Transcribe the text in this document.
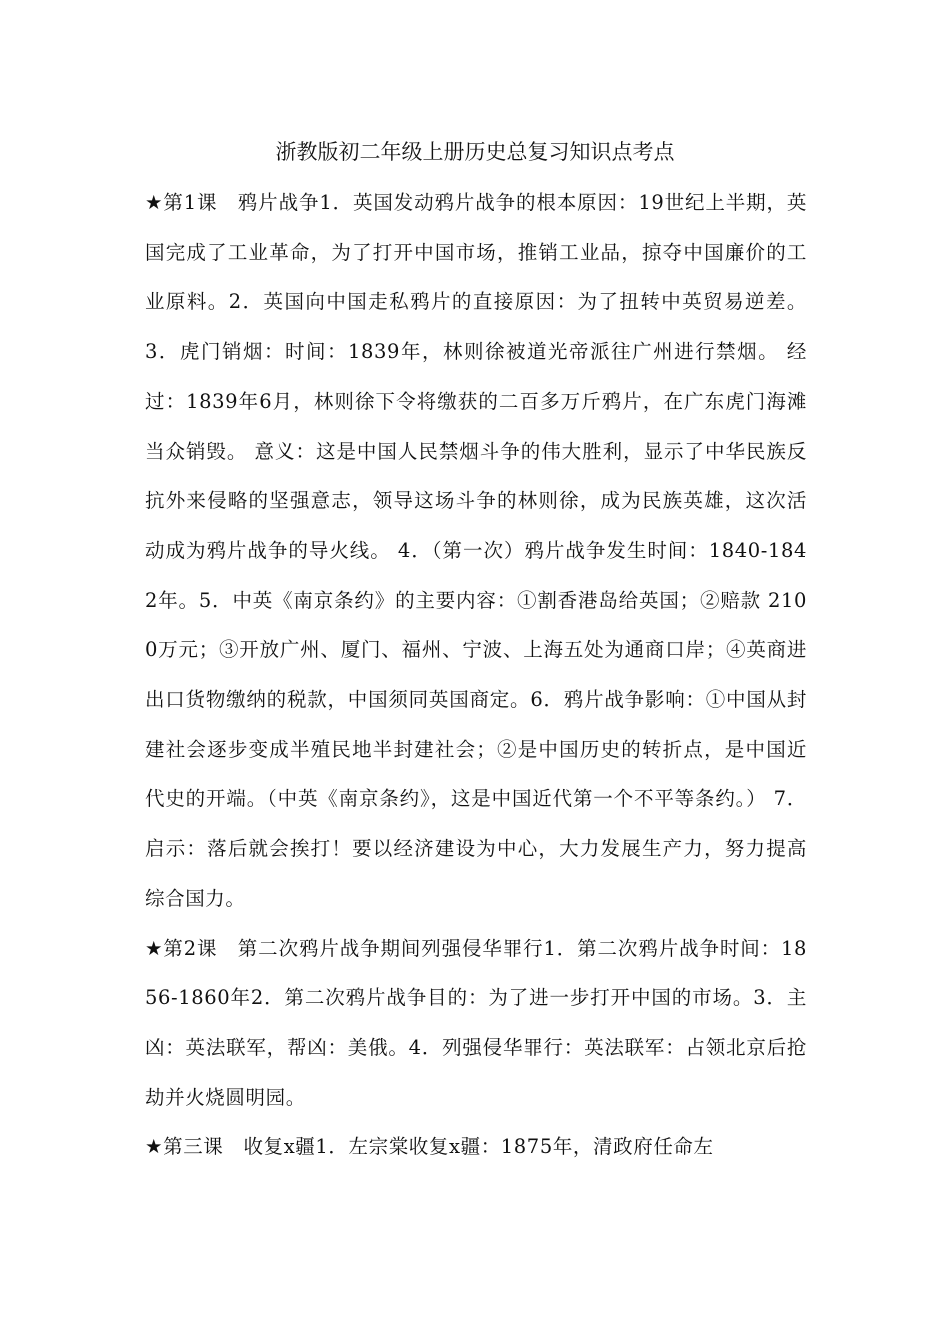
浙教版初二年级上册历史总复习知识点考点

★第1课　鸦片战争1．英国发动鸦片战争的根本原因：19世纪上半期，英国完成了工业革命，为了打开中国市场，推销工业品，掠夺中国廉价的工业原料。2．英国向中国走私鸦片的直接原因：为了扭转中英贸易逆差。 3．虎门销烟：时间：1839年，林则徐被道光帝派往广州进行禁烟。 经过：1839年6月，林则徐下令将缴获的二百多万斤鸦片，在广东虎门海滩当众销毁。 意义：这是中国人民禁烟斗争的伟大胜利，显示了中华民族反抗外来侵略的坚强意志，领导这场斗争的林则徐，成为民族英雄，这次活动成为鸦片战争的导火线。 4．（第一次）鸦片战争发生时间：1840-1842年。5．中英《南京条约》的主要内容：①割香港岛给英国；②赔款 2100万元；③开放广州、厦门、福州、宁波、上海五处为通商口岸；④英商进出口货物缴纳的税款，中国须同英国商定。6．鸦片战争影响：①中国从封建社会逐步变成半殖民地半封建社会；②是中国历史的转折点，是中国近代史的开端。（中英《南京条约》，这是中国近代第一个不平等条约。） 7．启示：落后就会挨打！要以经济建设为中心，大力发展生产力，努力提高综合国力。

★第2课　第二次鸦片战争期间列强侵华罪行1．第二次鸦片战争时间：1856-1860年2．第二次鸦片战争目的：为了进一步打开中国的市场。3．主凶：英法联军，帮凶：美俄。4．列强侵华罪行：英法联军：占领北京后抢劫并火烧圆明园。

★第三课　收复x疆1．左宗棠收复x疆：1875年，清政府任命左
